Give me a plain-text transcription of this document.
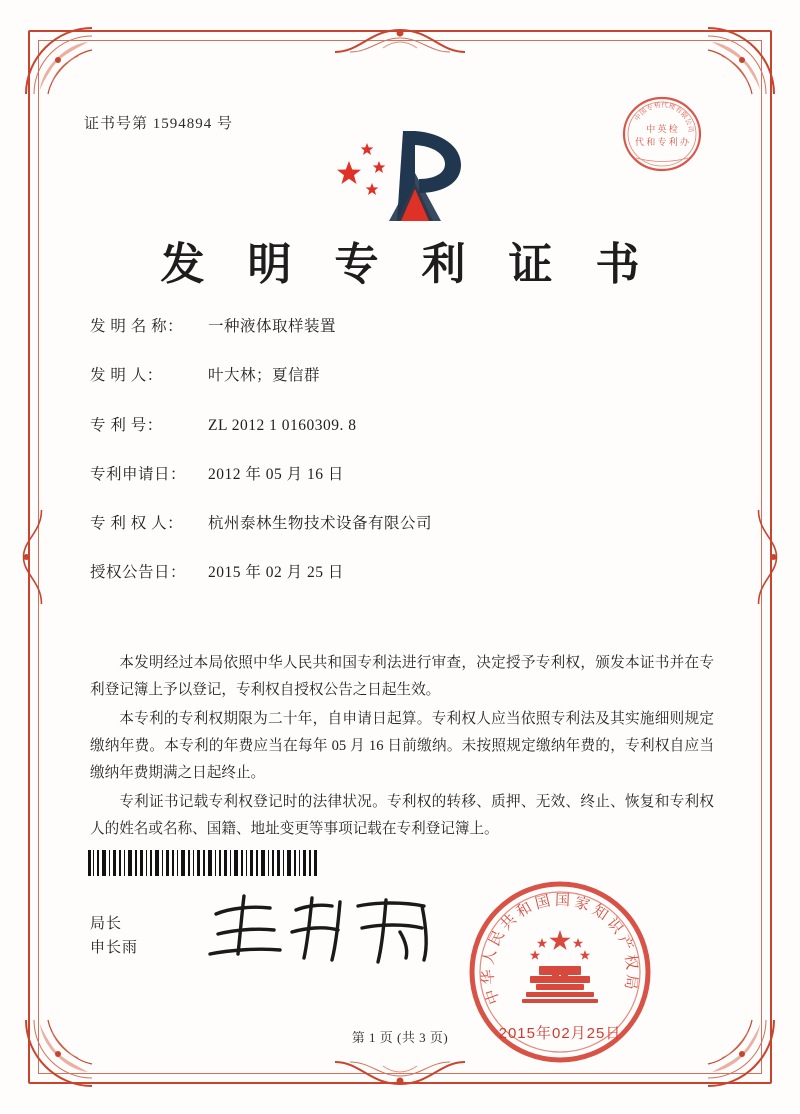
证书号第 1594894 号	中
国
专
利 代 理
有
限
公
司
中 英 检
代 和 专 利 办
发 明 专 利 证 书
发 明 名 称： 一种液体取样装置
发 明 人：	叶大林；夏信群
专 利 号：	ZL 2012 1 0160309. 8
专利申请日： 2012 年 05 月 16 日
专 利 权 人： 杭州泰林生物技术设备有限公司
授权公告日： 2015 年 02 月 25 日

本发明经过本局依照中华人民共和国专利法进行审查，决定授予专利权，颁发本证书并在专利登记簿上予以登记，专利权自授权公告之日起生效。

本专利的专利权期限为二十年，自申请日起算。专利权人应当依照专利法及其实施细则规定缴纳年费。本专利的年费应当在每年 05 月 16 日前缴纳。未按照规定缴纳年费的，专利权自应当缴纳年费期满之日起终止。

专利证书记载专利权登记时的法律状况。专利权的转移、质押、无效、终止、恢复和专利权人的姓名或名称、国籍、地址变更等事项记载在专利登记簿上。

局长
申长雨
中
华
人
民
共
和
国 国 家
知
识
产
权
局
2015年02月25日
第 1 页 (共 3 页)
